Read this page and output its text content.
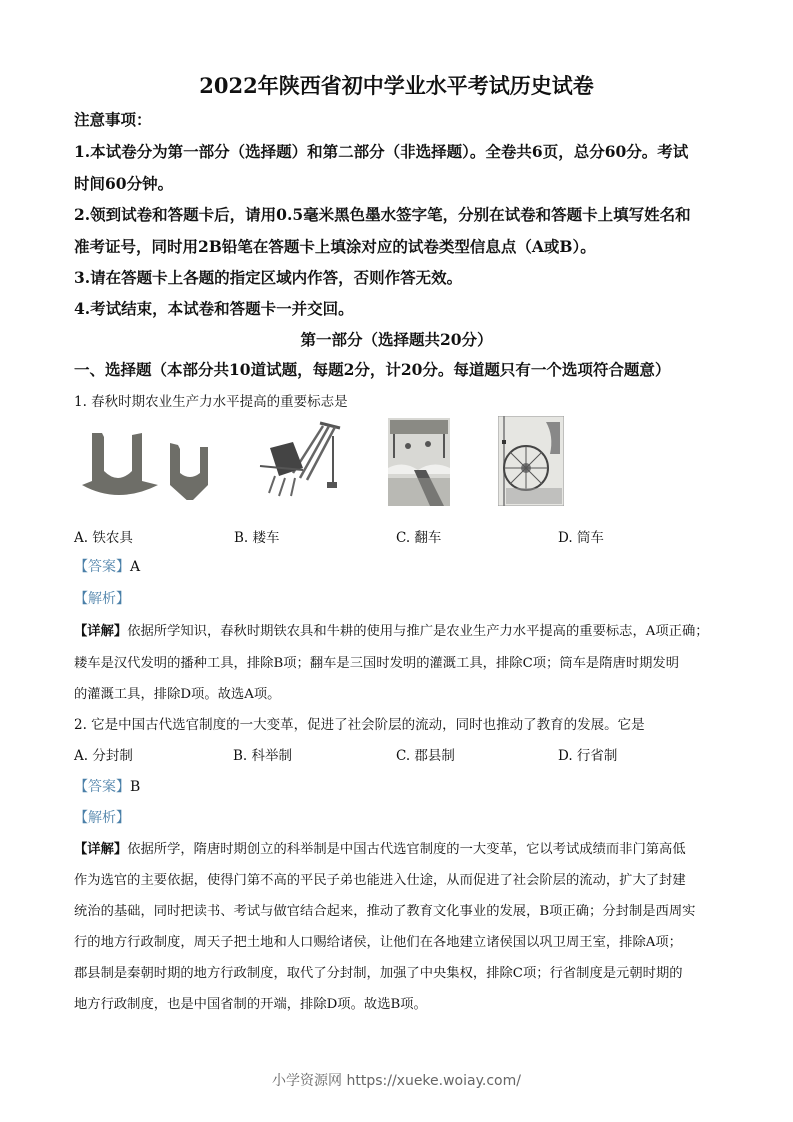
2022年陕西省初中学业水平考试历史试卷
注意事项：
1.本试卷分为第一部分（选择题）和第二部分（非选择题）。全卷共6页，总分60分。考试
时间60分钟。
2.领到试卷和答题卡后，请用0.5毫米黑色墨水签字笔，分别在试卷和答题卡上填写姓名和
准考证号，同时用2B铅笔在答题卡上填涂对应的试卷类型信息点（A或B）。
3.请在答题卡上各题的指定区域内作答，否则作答无效。
4.考试结束，本试卷和答题卡一并交回。
第一部分（选择题共20分）
一、选择题（本部分共10道试题，每题2分，计20分。每道题只有一个选项符合题意）
1. 春秋时期农业生产力水平提高的重要标志是
A. 铁农具	B. 耧车	C. 翻车	D. 筒车
【答案】A
【解析】
【详解】依据所学知识，春秋时期铁农具和牛耕的使用与推广是农业生产力水平提高的重要标志，A项正确；
耧车是汉代发明的播种工具，排除B项；翻车是三国时发明的灌溉工具，排除C项；筒车是隋唐时期发明
的灌溉工具，排除D项。故选A项。
2. 它是中国古代选官制度的一大变革，促进了社会阶层的流动，同时也推动了教育的发展。它是
A. 分封制	B. 科举制	C. 郡县制	D. 行省制
【答案】B
【解析】
【详解】依据所学，隋唐时期创立的科举制是中国古代选官制度的一大变革，它以考试成绩而非门第高低
作为选官的主要依据，使得门第不高的平民子弟也能进入仕途，从而促进了社会阶层的流动，扩大了封建
统治的基础，同时把读书、考试与做官结合起来，推动了教育文化事业的发展，B项正确；分封制是西周实
行的地方行政制度，周天子把土地和人口赐给诸侯，让他们在各地建立诸侯国以巩卫周王室，排除A项；
郡县制是秦朝时期的地方行政制度，取代了分封制，加强了中央集权，排除C项；行省制度是元朝时期的
地方行政制度，也是中国省制的开端，排除D项。故选B项。
小学资源网 https://xueke.woiay.com/
